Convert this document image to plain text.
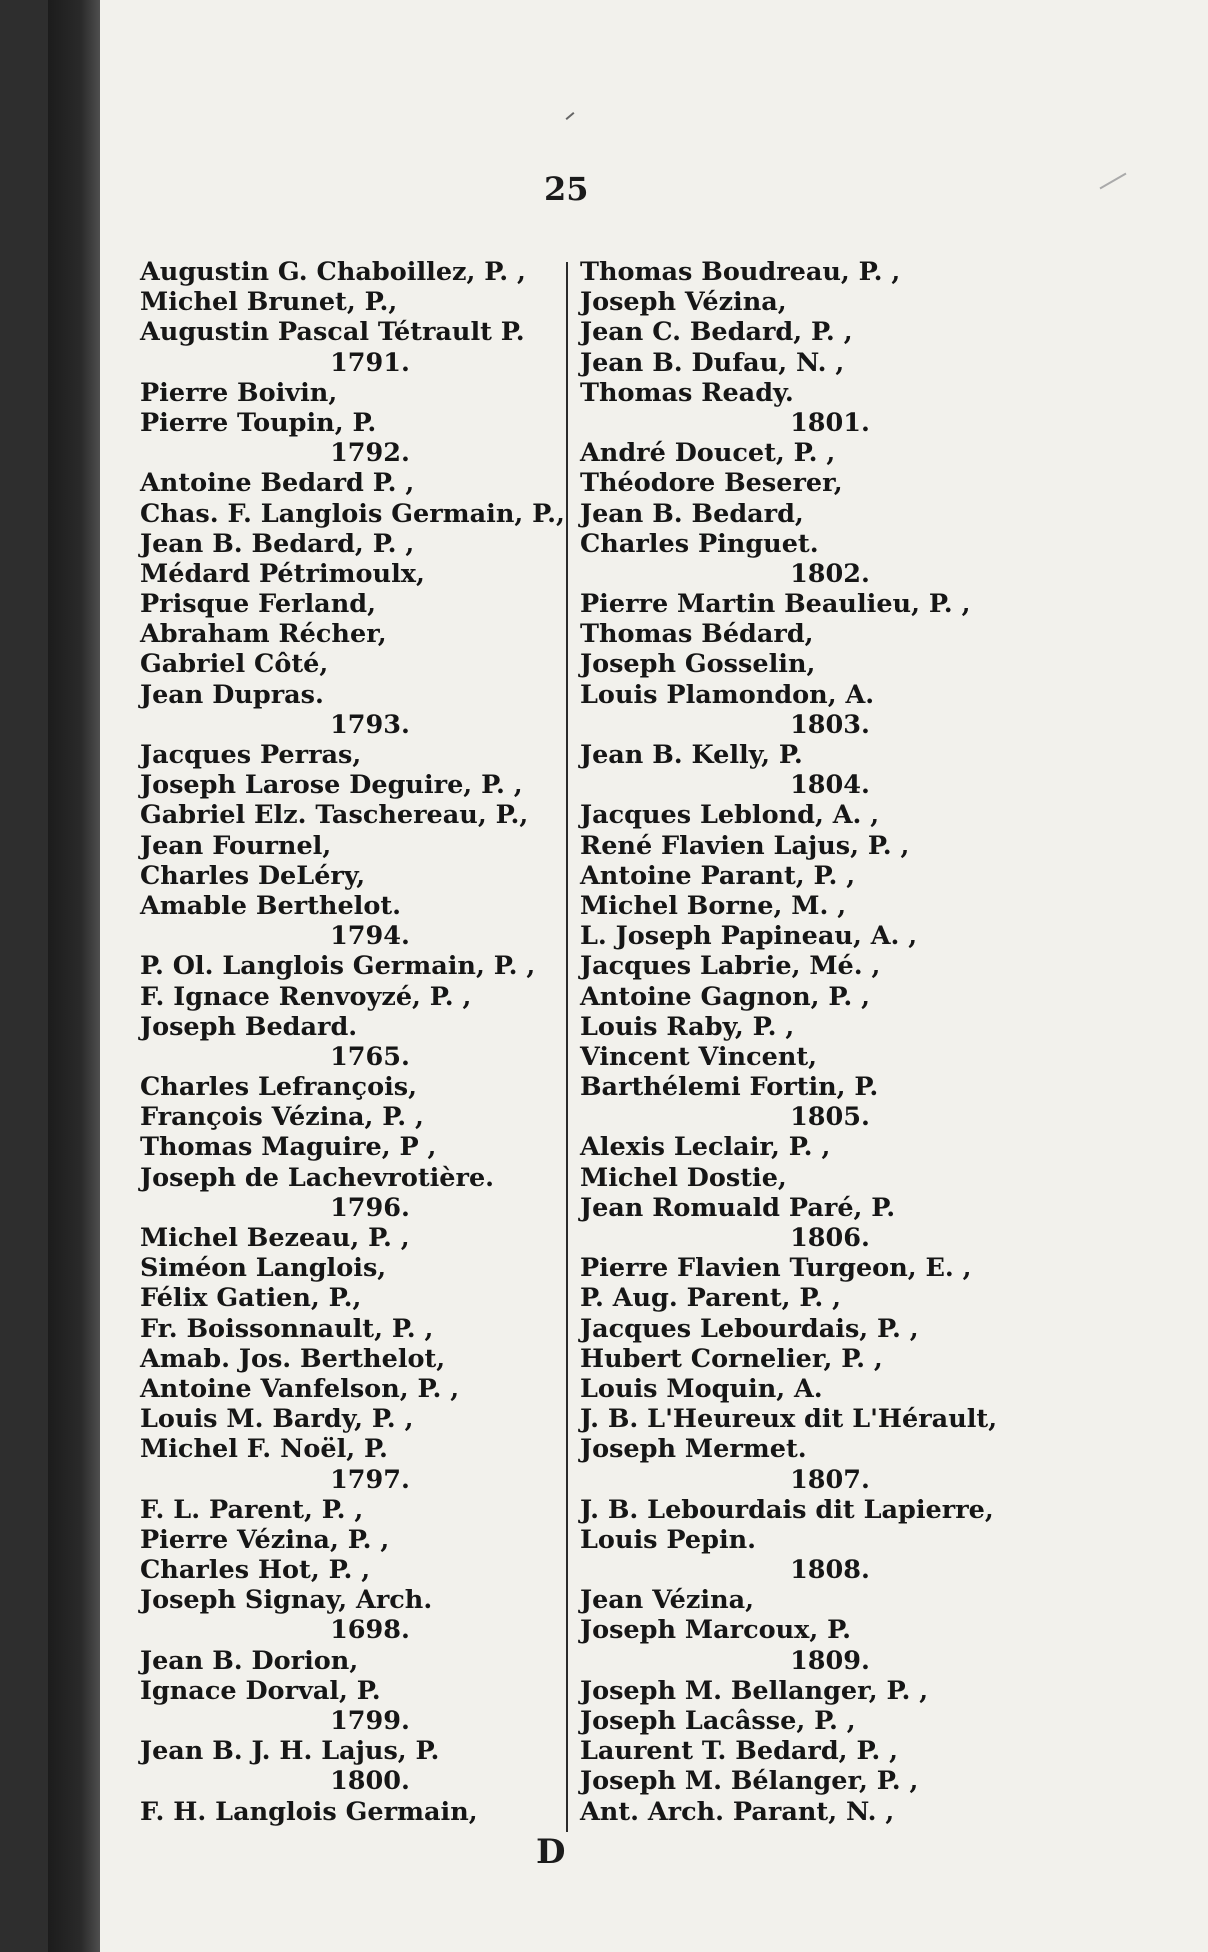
25
Augustin G. Chaboillez, P. ,
Michel Brunet, P.,
Augustin Pascal Tétrault P.
1791.
Pierre Boivin,
Pierre Toupin, P.
1792.
Antoine Bedard P. ,
Chas. F. Langlois Germain, P.,
Jean B. Bedard, P. ,
Médard Pétrimoulx,
Prisque Ferland,
Abraham Récher,
Gabriel Côté,
Jean Dupras.
1793.
Jacques Perras,
Joseph Larose Deguire, P. ,
Gabriel Elz. Taschereau, P.,
Jean Fournel,
Charles DeLéry,
Amable Berthelot.
1794.
P. Ol. Langlois Germain, P. ,
F. Ignace Renvoyzé, P. ,
Joseph Bedard.
1765.
Charles Lefrançois,
François Vézina, P. ,
Thomas Maguire, P ,
Joseph de Lachevrotière.
1796.
Michel Bezeau, P. ,
Siméon Langlois,
Félix Gatien, P.,
Fr. Boissonnault, P. ,
Amab. Jos. Berthelot,
Antoine Vanfelson, P. ,
Louis M. Bardy, P. ,
Michel F. Noël, P.
1797.
F. L. Parent, P. ,
Pierre Vézina, P. ,
Charles Hot, P. ,
Joseph Signay, Arch.
1698.
Jean B. Dorion,
Ignace Dorval, P.
1799.
Jean B. J. H. Lajus, P.
1800.
F. H. Langlois Germain,
Thomas Boudreau, P. ,
Joseph Vézina,
Jean C. Bedard, P. ,
Jean B. Dufau, N. ,
Thomas Ready.
1801.
André Doucet, P. ,
Théodore Beserer,
Jean B. Bedard,
Charles Pinguet.
1802.
Pierre Martin Beaulieu, P. ,
Thomas Bédard,
Joseph Gosselin,
Louis Plamondon, A.
1803.
Jean B. Kelly, P.
1804.
Jacques Leblond, A. ,
René Flavien Lajus, P. ,
Antoine Parant, P. ,
Michel Borne, M. ,
L. Joseph Papineau, A. ,
Jacques Labrie, Mé. ,
Antoine Gagnon, P. ,
Louis Raby, P. ,
Vincent Vincent,
Barthélemi Fortin, P.
1805.
Alexis Leclair, P. ,
Michel Dostie,
Jean Romuald Paré, P.
1806.
Pierre Flavien Turgeon, E. ,
P. Aug. Parent, P. ,
Jacques Lebourdais, P. ,
Hubert Cornelier, P. ,
Louis Moquin, A.
J. B. L'Heureux dit L'Hérault,
Joseph Mermet.
1807.
J. B. Lebourdais dit Lapierre,
Louis Pepin.
1808.
Jean Vézina,
Joseph Marcoux, P.
1809.
Joseph M. Bellanger, P. ,
Joseph Lacâsse, P. ,
Laurent T. Bedard, P. ,
Joseph M. Bélanger, P. ,
Ant. Arch. Parant, N. ,
D
